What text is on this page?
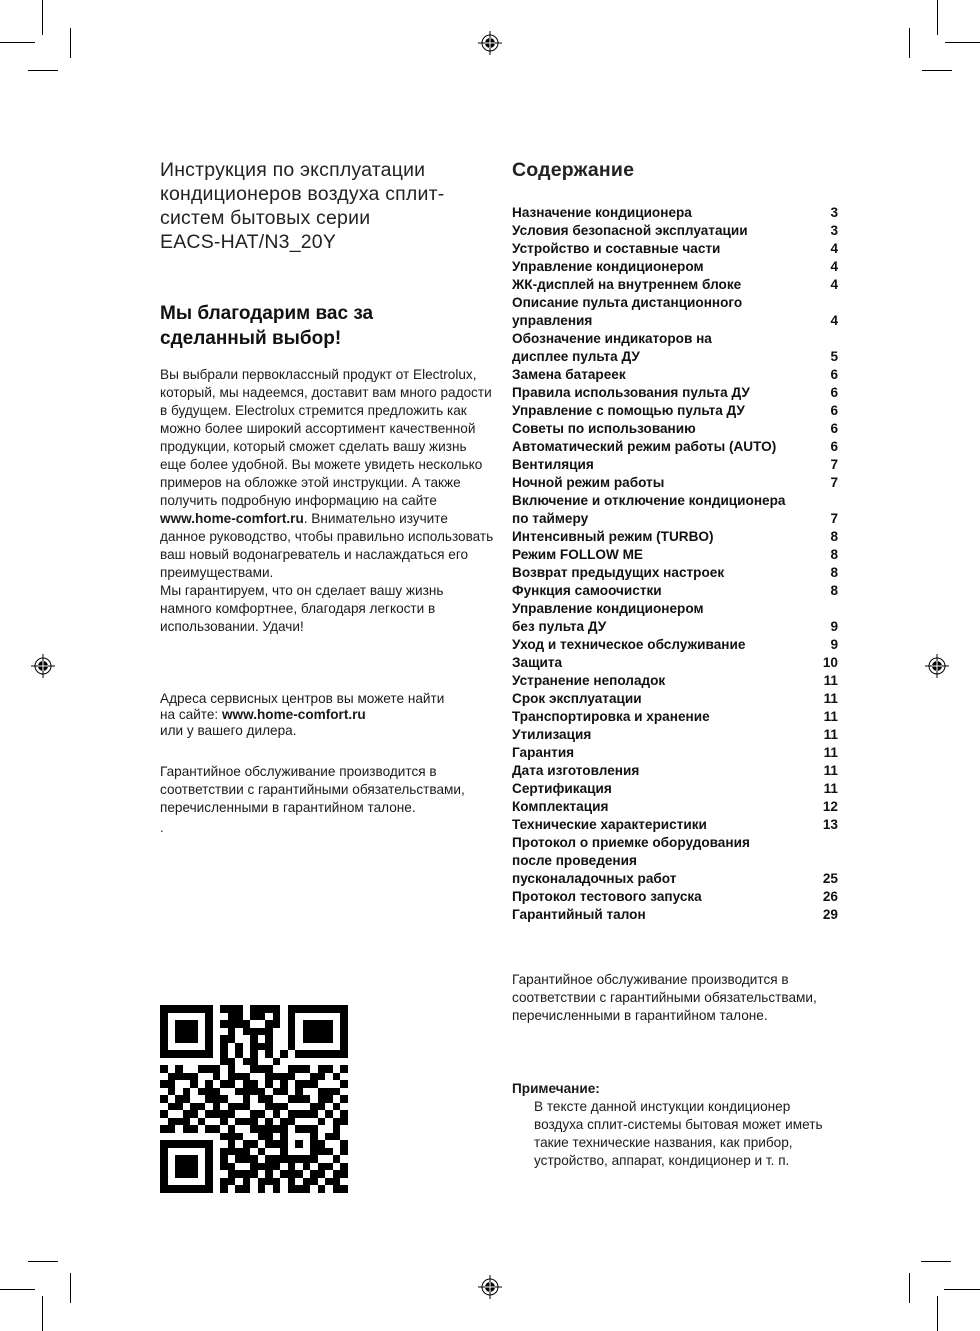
Инструкция по эксплуатации
кондиционеров воздуха сплит-
систем бытовых серии
EACS-HAT/N3_20Y
Мы благодарим вас за
сделанный выбор!

Вы выбрали первоклассный продукт от Electrolux, который, мы надеемся, доставит вам много радости в будущем. Electrolux стремится предложить как можно более широкий ассортимент качественной продукции, который сможет сделать вашу жизнь еще более удобной. Вы можете увидеть несколько примеров на обложке этой инструкции. А также получить подробную информацию на сайте www.home-comfort.ru. Внимательно изучите данное руководство, чтобы правильно использовать ваш новый водонагреватель и наслаждаться его преимуществами.
Мы гарантируем, что он сделает вашу жизнь намного комфортнее, благодаря легкости в использовании. Удачи!

Адреса сервисных центров вы можете найти
на сайте: www.home-comfort.ru
или у вашего дилера.

Гарантийное обслуживание производится в соответствии с гарантийными обязательствами, перечисленными в гарантийном талоне.

.
Содержание
Назначение кондиционера	3
Условия безопасной эксплуатации	3
Устройство и составные части	4
Управление кондиционером	4
ЖК-дисплей на внутреннем блоке	4
Описание пульта дистанционного
управления	4
Обозначение индикаторов на
дисплее пульта ДУ	5
Замена батареек	6
Правила использования пульта ДУ	6
Управление с помощью пульта ДУ	6
Советы по использованию	6
Автоматический режим работы (AUTO)	6
Вентиляция	7
Ночной режим работы	7
Включение и отключение кондиционера
по таймеру	7
Интенсивный режим (TURBO)	8
Режим FOLLOW ME	8
Возврат предыдущих настроек	8
Функция самоочистки	8
Управление кондиционером
без пульта ДУ	9
Уход и техническое обслуживание	9
Защита	10
Устранение неполадок	11
Срок эксплуатации	11
Транспортировка и хранение	11
Утилизация	11
Гарантия	11
Дата изготовления	11
Сертификация	11
Комплектация	12
Технические характеристики	13
Протокол о приемке оборудования
после проведения
пусконаладочных работ	25
Протокол тестового запуска	26
Гарантийный талон	29

Гарантийное обслуживание производится в соответствии с гарантийными обязательствами, перечисленными в гарантийном талоне.

Примечание:

В тексте данной инстукции кондиционер воздуха сплит-системы бытовая может иметь такие технические названия, как прибор, устройство, аппарат, кондиционер и т. п.
